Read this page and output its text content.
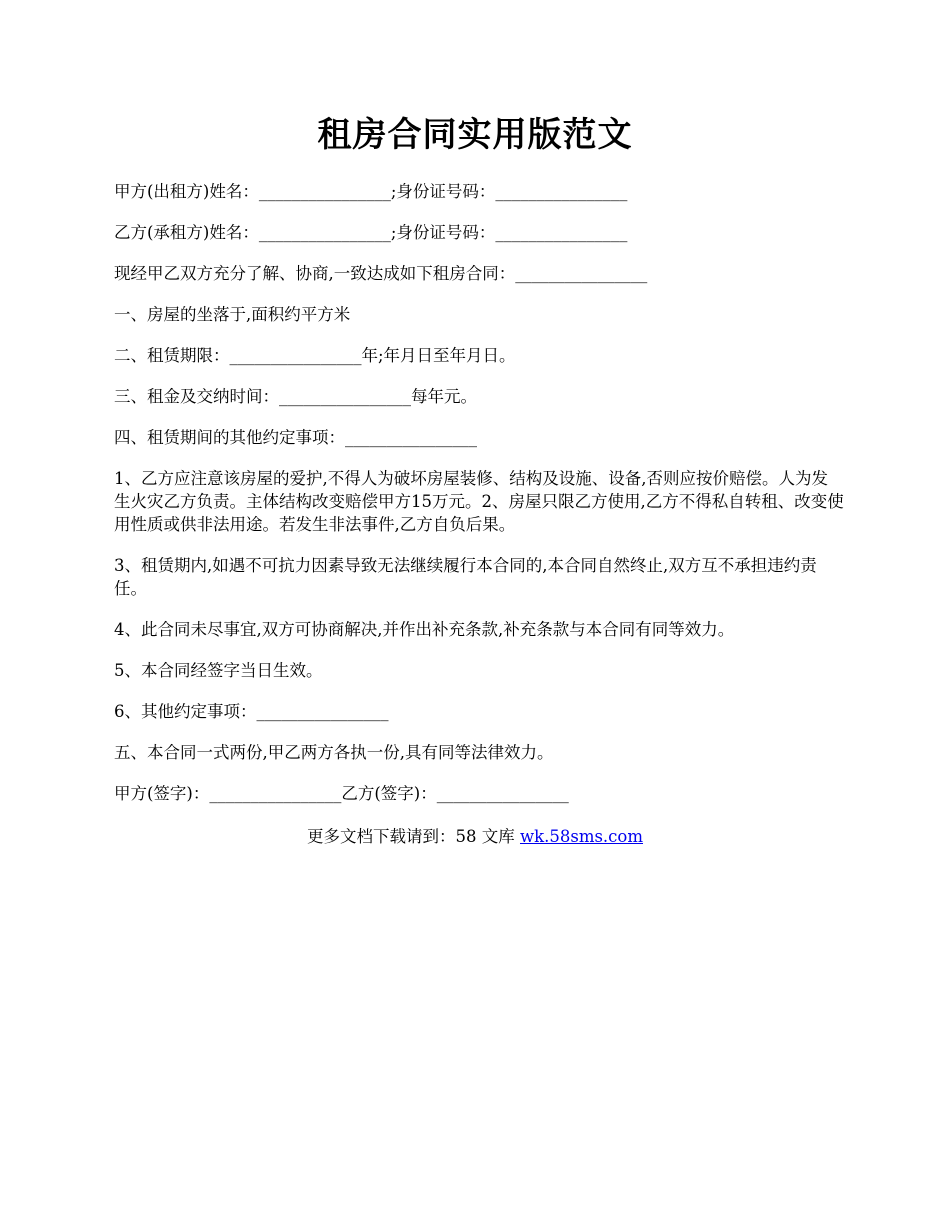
租房合同实用版范文

甲方(出租方)姓名：________________;身份证号码：________________

乙方(承租方)姓名：________________;身份证号码：________________

现经甲乙双方充分了解、协商,一致达成如下租房合同：________________

一、房屋的坐落于,面积约平方米

二、租赁期限：________________年;年月日至年月日。

三、租金及交纳时间：________________每年元。

四、租赁期间的其他约定事项：________________

1、乙方应注意该房屋的爱护,不得人为破坏房屋装修、结构及设施、设备,否则应按价赔偿。人为发生火灾乙方负责。主体结构改变赔偿甲方15万元。2、房屋只限乙方使用,乙方不得私自转租、改变使用性质或供非法用途。若发生非法事件,乙方自负后果。

3、租赁期内,如遇不可抗力因素导致无法继续履行本合同的,本合同自然终止,双方互不承担违约责任。

4、此合同未尽事宜,双方可协商解决,并作出补充条款,补充条款与本合同有同等效力。

5、本合同经签字当日生效。

6、其他约定事项：________________

五、本合同一式两份,甲乙两方各执一份,具有同等法律效力。

甲方(签字)：________________乙方(签字)：________________

更多文档下载请到：58 文库 wk.58sms.com
